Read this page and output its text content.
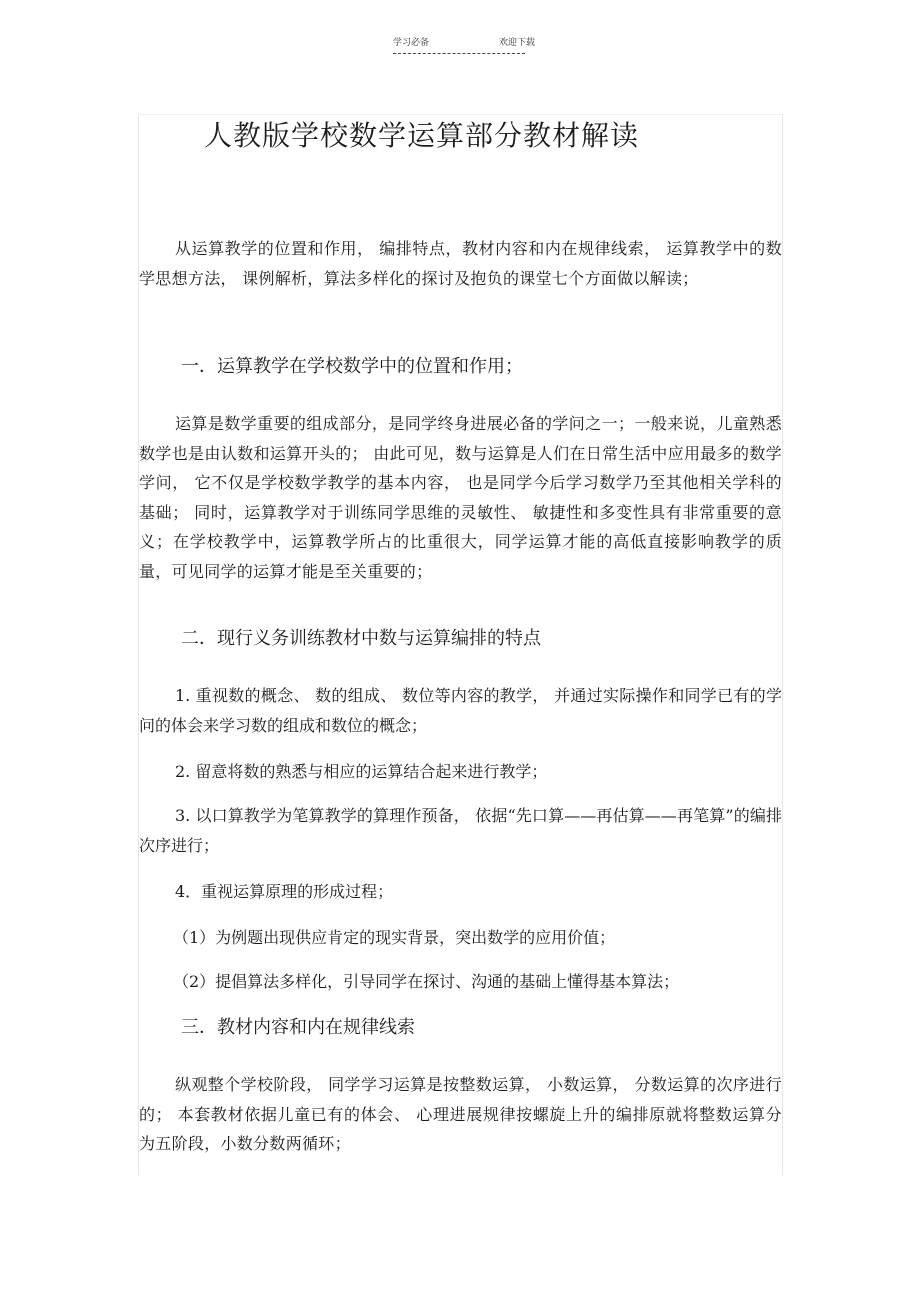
学习必备	欢迎下载
人教版学校数学运算部分教材解读
从运算教学的位置和作用， 编排特点，教材内容和内在规律线索， 运算教学中的数学思想方法， 课例解析，算法多样化的探讨及抱负的课堂七个方面做以解读；
一．运算教学在学校数学中的位置和作用；
运算是数学重要的组成部分，是同学终身进展必备的学问之一；一般来说，儿童熟悉数学也是由认数和运算开头的； 由此可见，数与运算是人们在日常生活中应用最多的数学学问， 它不仅是学校数学教学的基本内容， 也是同学今后学习数学乃至其他相关学科的基础； 同时，运算教学对于训练同学思维的灵敏性、 敏捷性和多变性具有非常重要的意义；在学校教学中，运算教学所占的比重很大，同学运算才能的高低直接影响教学的质量，可见同学的运算才能是至关重要的；
二．现行义务训练教材中数与运算编排的特点
1. 重视数的概念、 数的组成、 数位等内容的教学， 并通过实际操作和同学已有的学问的体会来学习数的组成和数位的概念；
2. 留意将数的熟悉与相应的运算结合起来进行教学；
3. 以口算教学为笔算教学的算理作预备， 依据“先口算——再估算——再笔算”的编排次序进行；
4．重视运算原理的形成过程；
（1）为例题出现供应肯定的现实背景，突出数学的应用价值；
（2）提倡算法多样化，引导同学在探讨、沟通的基础上懂得基本算法；
三．教材内容和内在规律线索
纵观整个学校阶段， 同学学习运算是按整数运算， 小数运算， 分数运算的次序进行的； 本套教材依据儿童已有的体会、 心理进展规律按螺旋上升的编排原就将整数运算分为五阶段，小数分数两循环；
